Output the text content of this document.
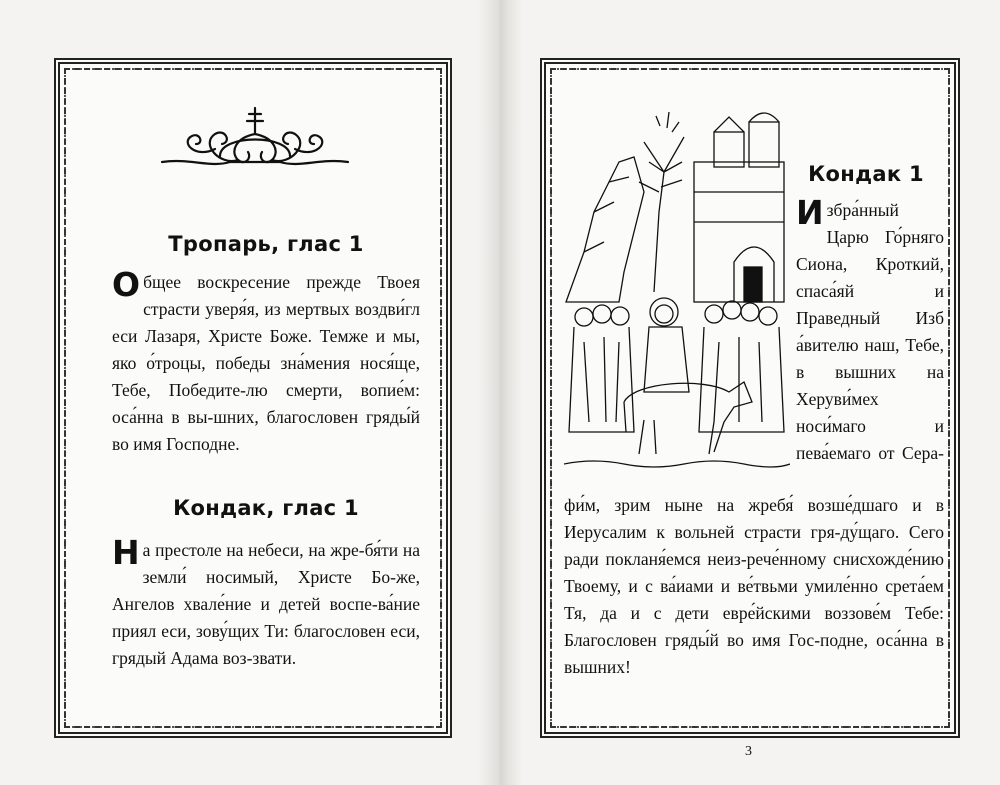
Тропарь, глас 1

Общее воскресение прежде Твоея страсти уверя́я, из мертвых воздви́гл еси Лазаря, Христе Боже. Темже и мы, яко о́троцы, победы зна́мения нося́ще, Тебе, Победите-лю смерти, вопие́м: оса́нна в вы-шних, благословен гряды́й во имя Господне.

Кондак, глас 1

На престоле на небеси, на жре-бя́ти на земли́ носимый, Христе Бо-же, Ангелов хвале́ние и детей воспе-ва́ние приял еси, зову́щих Ти: благословен еси, грядый Адама воз-звати.

Кондак 1

Избра́нный Царю Го́рняго Сиона, Кроткий, спаса́яй и Праведный Изб а́вителю наш, Тебе, в вышних на Херуви́мех носи́маго и пева́емаго от Сера-

фи́м, зрим ныне на жребя́ возше́дшаго и в Иерусалим к вольней страсти гря-ду́щаго. Сего ради покланя́емся неиз-рече́нному снисхожде́нию Твоему, и с ва́иами и ве́твьми умиле́нно срета́ем Тя, да и с дети евре́йскими воззове́м Тебе: Благословен гряды́й во имя Гос-подне, оса́нна в вышних!

3
